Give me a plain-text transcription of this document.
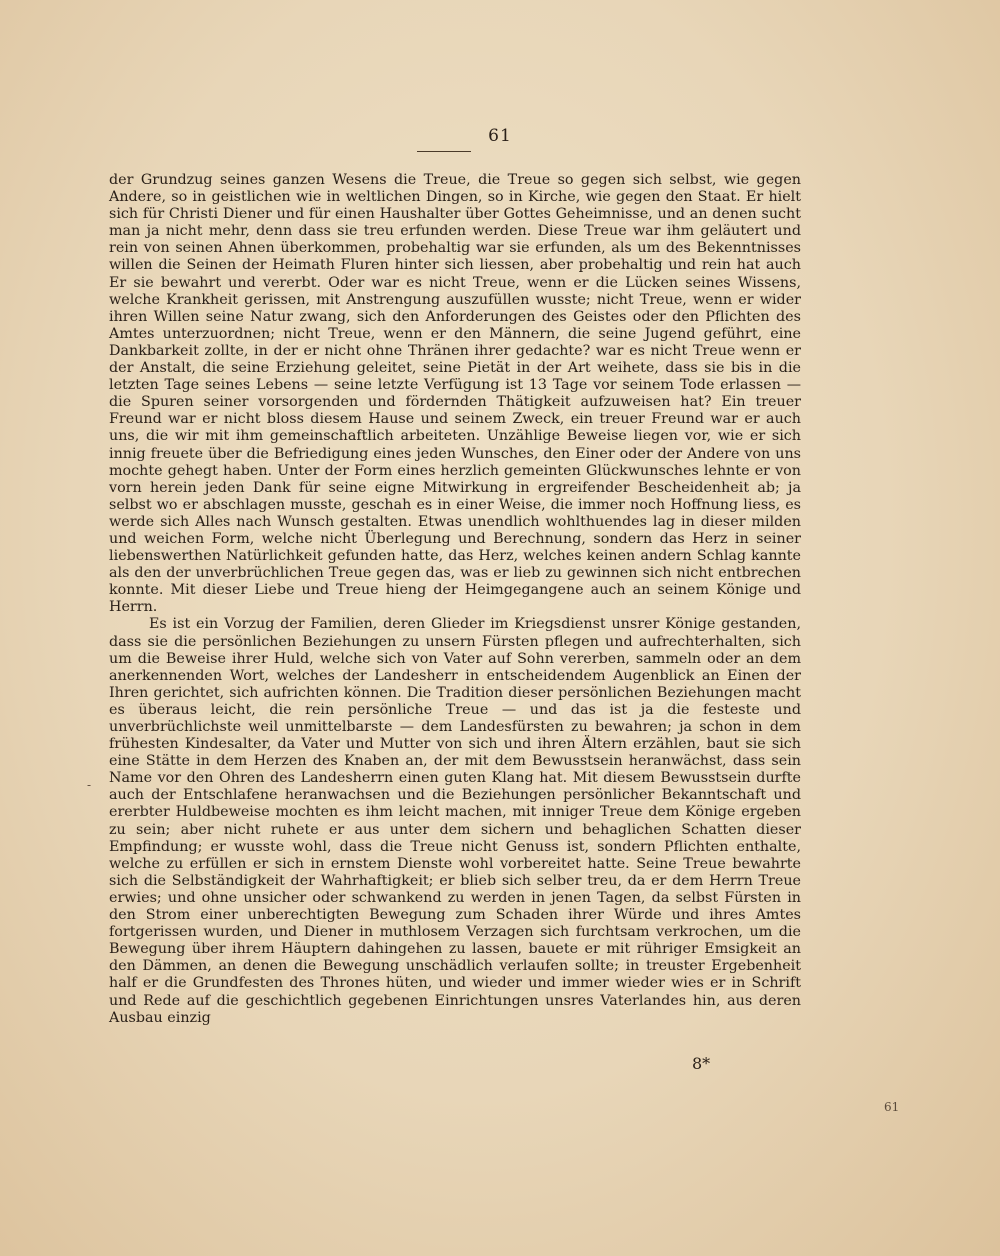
61

der Grundzug seines ganzen Wesens die Treue, die Treue so gegen sich selbst, wie gegen Andere, so in geistlichen wie in weltlichen Dingen, so in Kirche, wie gegen den Staat. Er hielt sich für Christi Diener und für einen Haushalter über Gottes Geheimnisse, und an denen sucht man ja nicht mehr, denn dass sie treu erfunden werden. Diese Treue war ihm geläutert und rein von seinen Ahnen überkommen, probehaltig war sie erfunden, als um des Bekenntnisses willen die Seinen der Heimath Fluren hinter sich liessen, aber probehaltig und rein hat auch Er sie bewahrt und vererbt. Oder war es nicht Treue, wenn er die Lücken seines Wissens, welche Krankheit gerissen, mit Anstrengung auszufüllen wusste; nicht Treue, wenn er wider ihren Willen seine Natur zwang, sich den Anforderungen des Geistes oder den Pflichten des Amtes unterzuordnen; nicht Treue, wenn er den Männern, die seine Jugend geführt, eine Dankbarkeit zollte, in der er nicht ohne Thränen ihrer gedachte? war es nicht Treue wenn er der Anstalt, die seine Erziehung geleitet, seine Pietät in der Art weihete, dass sie bis in die letzten Tage seines Lebens — seine letzte Verfügung ist 13 Tage vor seinem Tode erlassen — die Spuren seiner vorsorgenden und fördernden Thätigkeit aufzuweisen hat? Ein treuer Freund war er nicht bloss diesem Hause und seinem Zweck, ein treuer Freund war er auch uns, die wir mit ihm gemeinschaftlich arbeiteten. Unzählige Beweise liegen vor, wie er sich innig freuete über die Befriedigung eines jeden Wunsches, den Einer oder der Andere von uns mochte gehegt haben. Unter der Form eines herzlich gemeinten Glückwunsches lehnte er von vorn herein jeden Dank für seine eigne Mitwirkung in ergreifender Bescheidenheit ab; ja selbst wo er abschlagen musste, geschah es in einer Weise, die immer noch Hoffnung liess, es werde sich Alles nach Wunsch gestalten. Etwas unendlich wohlthuendes lag in dieser milden und weichen Form, welche nicht Überlegung und Berechnung, sondern das Herz in seiner liebenswerthen Natürlichkeit gefunden hatte, das Herz, welches keinen andern Schlag kannte als den der unverbrüchlichen Treue gegen das, was er lieb zu gewinnen sich nicht entbrechen konnte. Mit dieser Liebe und Treue hieng der Heimgegangene auch an seinem Könige und Herrn.

Es ist ein Vorzug der Familien, deren Glieder im Kriegsdienst unsrer Könige gestanden, dass sie die persönlichen Beziehungen zu unsern Fürsten pflegen und aufrechterhalten, sich um die Beweise ihrer Huld, welche sich von Vater auf Sohn vererben, sammeln oder an dem anerkennenden Wort, welches der Landesherr in entscheidendem Augenblick an Einen der Ihren gerichtet, sich aufrichten können. Die Tradition dieser persönlichen Beziehungen macht es überaus leicht, die rein persönliche Treue — und das ist ja die festeste und unverbrüchlichste weil unmittelbarste — dem Landesfürsten zu bewahren; ja schon in dem frühesten Kindesalter, da Vater und Mutter von sich und ihren Ältern erzählen, baut sie sich eine Stätte in dem Herzen des Knaben an, der mit dem Bewusstsein heranwächst, dass sein Name vor den Ohren des Landesherrn einen guten Klang hat. Mit diesem Bewusstsein durfte auch der Entschlafene heranwachsen und die Beziehungen persönlicher Bekanntschaft und ererbter Huldbeweise mochten es ihm leicht machen, mit inniger Treue dem Könige ergeben zu sein; aber nicht ruhete er aus unter dem sichern und behaglichen Schatten dieser Empfindung; er wusste wohl, dass die Treue nicht Genuss ist, sondern Pflichten enthalte, welche zu erfüllen er sich in ernstem Dienste wohl vorbereitet hatte. Seine Treue bewahrte sich die Selbständigkeit der Wahrhaftigkeit; er blieb sich selber treu, da er dem Herrn Treue erwies; und ohne unsicher oder schwankend zu werden in jenen Tagen, da selbst Fürsten in den Strom einer unberechtigten Bewegung zum Schaden ihrer Würde und ihres Amtes fortgerissen wurden, und Diener in muthlosem Verzagen sich furchtsam verkrochen, um die Bewegung über ihrem Häuptern dahingehen zu lassen, bauete er mit rühriger Emsigkeit an den Dämmen, an denen die Bewegung unschädlich verlaufen sollte; in treuster Ergebenheit half er die Grundfesten des Thrones hüten, und wieder und immer wieder wies er in Schrift und Rede auf die geschichtlich gegebenen Einrichtungen unsres Vaterlandes hin, aus deren Ausbau einzig

8*
61
-
